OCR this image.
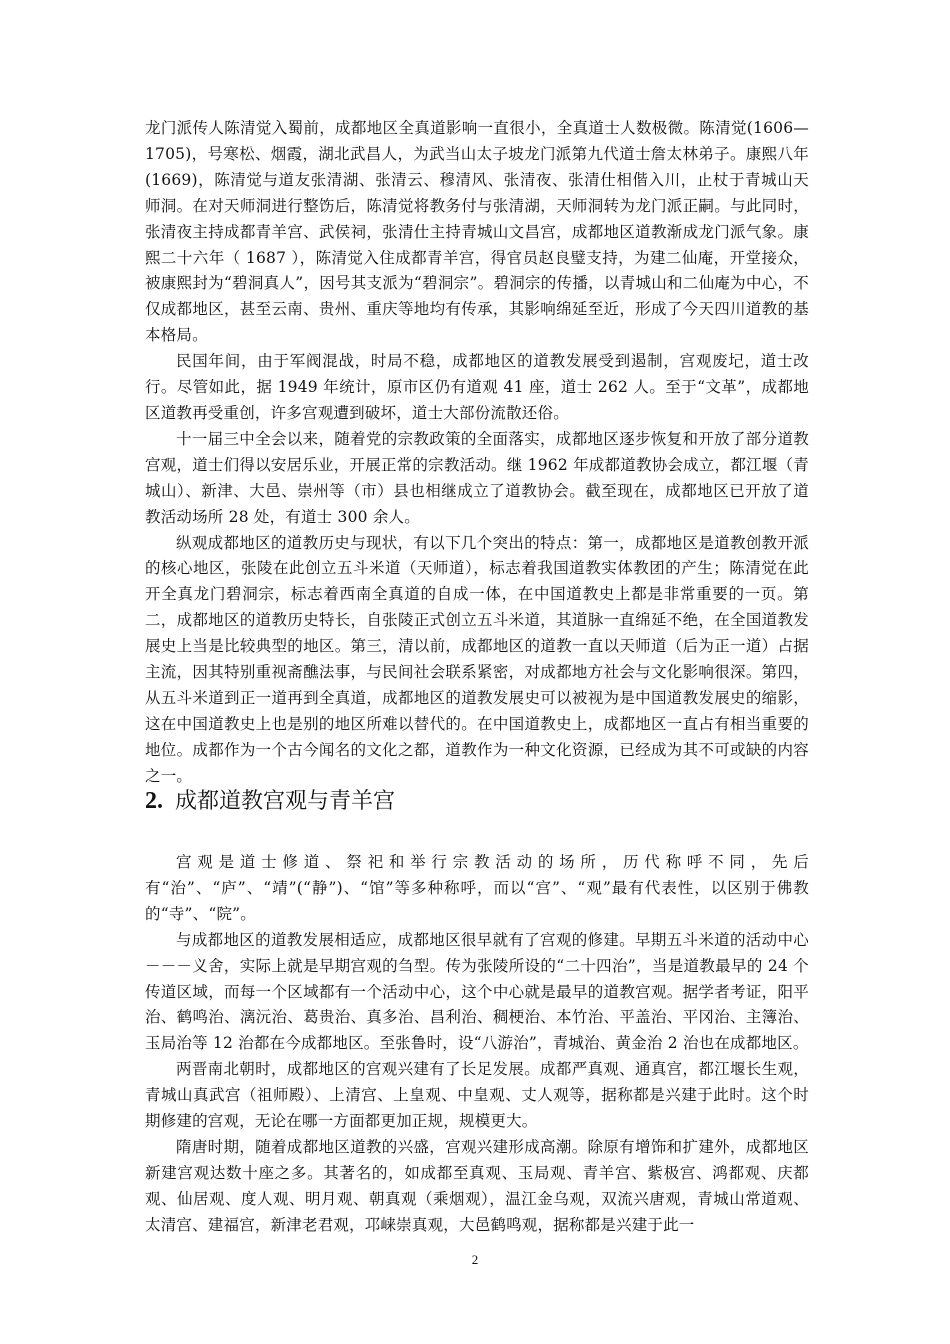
龙门派传人陈清觉入蜀前，成都地区全真道影响一直很小，全真道士人数极微。陈清觉(1606—1705)，号寒松、烟霞，湖北武昌人，为武当山太子坡龙门派第九代道士詹太林弟子。康熙八年(1669)，陈清觉与道友张清湖、张清云、穆清风、张清夜、张清仕相偕入川，止杖于青城山天师洞。在对天师洞进行整饬后，陈清觉将教务付与张清湖，天师洞转为龙门派正嗣。与此同时，张清夜主持成都青羊宫、武侯祠，张清仕主持青城山文昌宫，成都地区道教渐成龙门派气象。康熙二十六年（ 1687 ），陈清觉入住成都青羊宫，得官员赵良璧支持，为建二仙庵，开堂接众，被康熙封为“碧洞真人”，因号其支派为“碧洞宗”。碧洞宗的传播，以青城山和二仙庵为中心，不仅成都地区，甚至云南、贵州、重庆等地均有传承，其影响绵延至近，形成了今天四川道教的基本格局。

民国年间，由于军阀混战，时局不稳，成都地区的道教发展受到遏制，宫观废圮，道士改行。尽管如此，据 1949 年统计，原市区仍有道观 41 座，道士 262 人。至于“文革”，成都地区道教再受重创，许多宫观遭到破坏，道士大部份流散还俗。

十一届三中全会以来，随着党的宗教政策的全面落实，成都地区逐步恢复和开放了部分道教宫观，道士们得以安居乐业，开展正常的宗教活动。继 1962 年成都道教协会成立，都江堰（青城山）、新津、大邑、崇州等（市）县也相继成立了道教协会。截至现在，成都地区已开放了道教活动场所 28 处，有道士 300 余人。

纵观成都地区的道教历史与现状，有以下几个突出的特点：第一，成都地区是道教创教开派的核心地区，张陵在此创立五斗米道（天师道），标志着我国道教实体教团的产生；陈清觉在此开全真龙门碧洞宗，标志着西南全真道的自成一体，在中国道教史上都是非常重要的一页。第二，成都地区的道教历史特长，自张陵正式创立五斗米道，其道脉一直绵延不绝，在全国道教发展史上当是比较典型的地区。第三，清以前，成都地区的道教一直以天师道（后为正一道）占据主流，因其特别重视斋醮法事，与民间社会联系紧密，对成都地方社会与文化影响很深。第四，从五斗米道到正一道再到全真道，成都地区的道教发展史可以被视为是中国道教发展史的缩影，这在中国道教史上也是别的地区所难以替代的。在中国道教史上，成都地区一直占有相当重要的地位。成都作为一个古今闻名的文化之都，道教作为一种文化资源，已经成为其不可或缺的内容之一。

2. 成都道教宫观与青羊宫

宫观是道士修道、祭祀和举行宗教活动的场所，历代称呼不同，先后有“治”、“庐”、“靖”(“静”)、“馆”等多种称呼，而以“宫”、“观”最有代表性，以区别于佛教的“寺”、“院”。

与成都地区的道教发展相适应，成都地区很早就有了宫观的修建。早期五斗米道的活动中心－－－义舍，实际上就是早期宫观的刍型。传为张陵所设的“二十四治”，当是道教最早的 24 个传道区域，而每一个区域都有一个活动中心，这个中心就是最早的道教宫观。据学者考证，阳平治、鹤鸣治、漓沅治、葛贵治、真多治、昌利治、稠梗治、本竹治、平盖治、平冈治、主簿治、玉局治等 12 治都在今成都地区。至张鲁时，设“八游治”，青城治、黄金治 2 治也在成都地区。

两晋南北朝时，成都地区的宫观兴建有了长足发展。成都严真观、通真宫，都江堰长生观，青城山真武宫（祖师殿）、上清宫、上皇观、中皇观、丈人观等，据称都是兴建于此时。这个时期修建的宫观，无论在哪一方面都更加正规，规模更大。

隋唐时期，随着成都地区道教的兴盛，宫观兴建形成高潮。除原有增饰和扩建外，成都地区新建宫观达数十座之多。其著名的，如成都至真观、玉局观、青羊宫、紫极宫、鸿都观、庆都观、仙居观、度人观、明月观、朝真观（乘烟观），温江金乌观，双流兴唐观，青城山常道观、太清宫、建福宫，新津老君观，邛崃崇真观，大邑鹤鸣观，据称都是兴建于此一

2
